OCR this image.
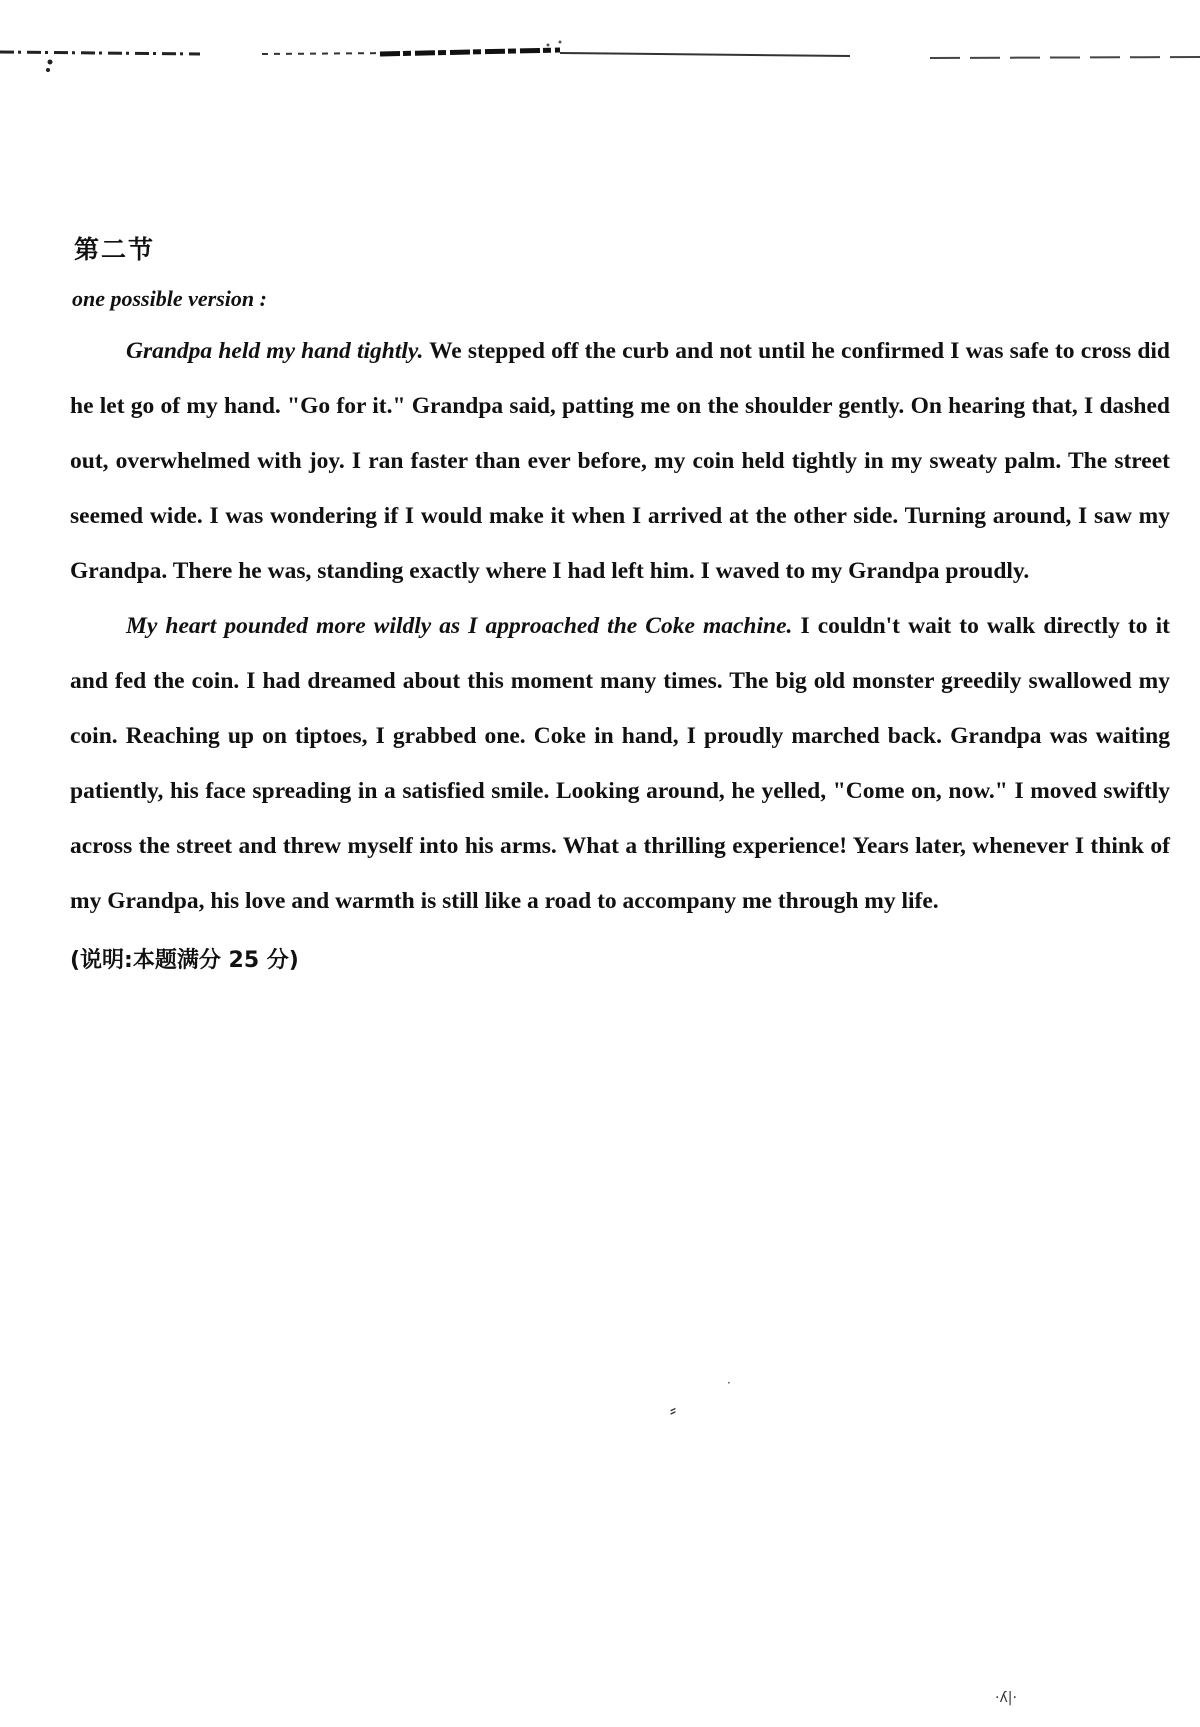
第二节
one possible version :

Grandpa held my hand tightly. We stepped off the curb and not until he confirmed I was safe to cross did he let go of my hand. "Go for it." Grandpa said, patting me on the shoulder gently. On hearing that, I dashed out, overwhelmed with joy. I ran faster than ever before, my coin held tightly in my sweaty palm. The street seemed wide. I was wondering if I would make it when I arrived at the other side. Turning around, I saw my Grandpa. There he was, standing exactly where I had left him. I waved to my Grandpa proudly.

My heart pounded more wildly as I approached the Coke machine. I couldn't wait to walk directly to it and fed the coin. I had dreamed about this moment many times. The big old monster greedily swallowed my coin. Reaching up on tiptoes, I grabbed one. Coke in hand, I proudly marched back. Grandpa was waiting patiently, his face spreading in a satisfied smile. Looking around, he yelled, "Come on, now." I moved swiftly across the street and threw myself into his arms. What a thrilling experience! Years later, whenever I think of my Grandpa, his love and warmth is still like a road to accompany me through my life.

(说明:本题满分 25 分)
⸗
·
·ʎ|·
